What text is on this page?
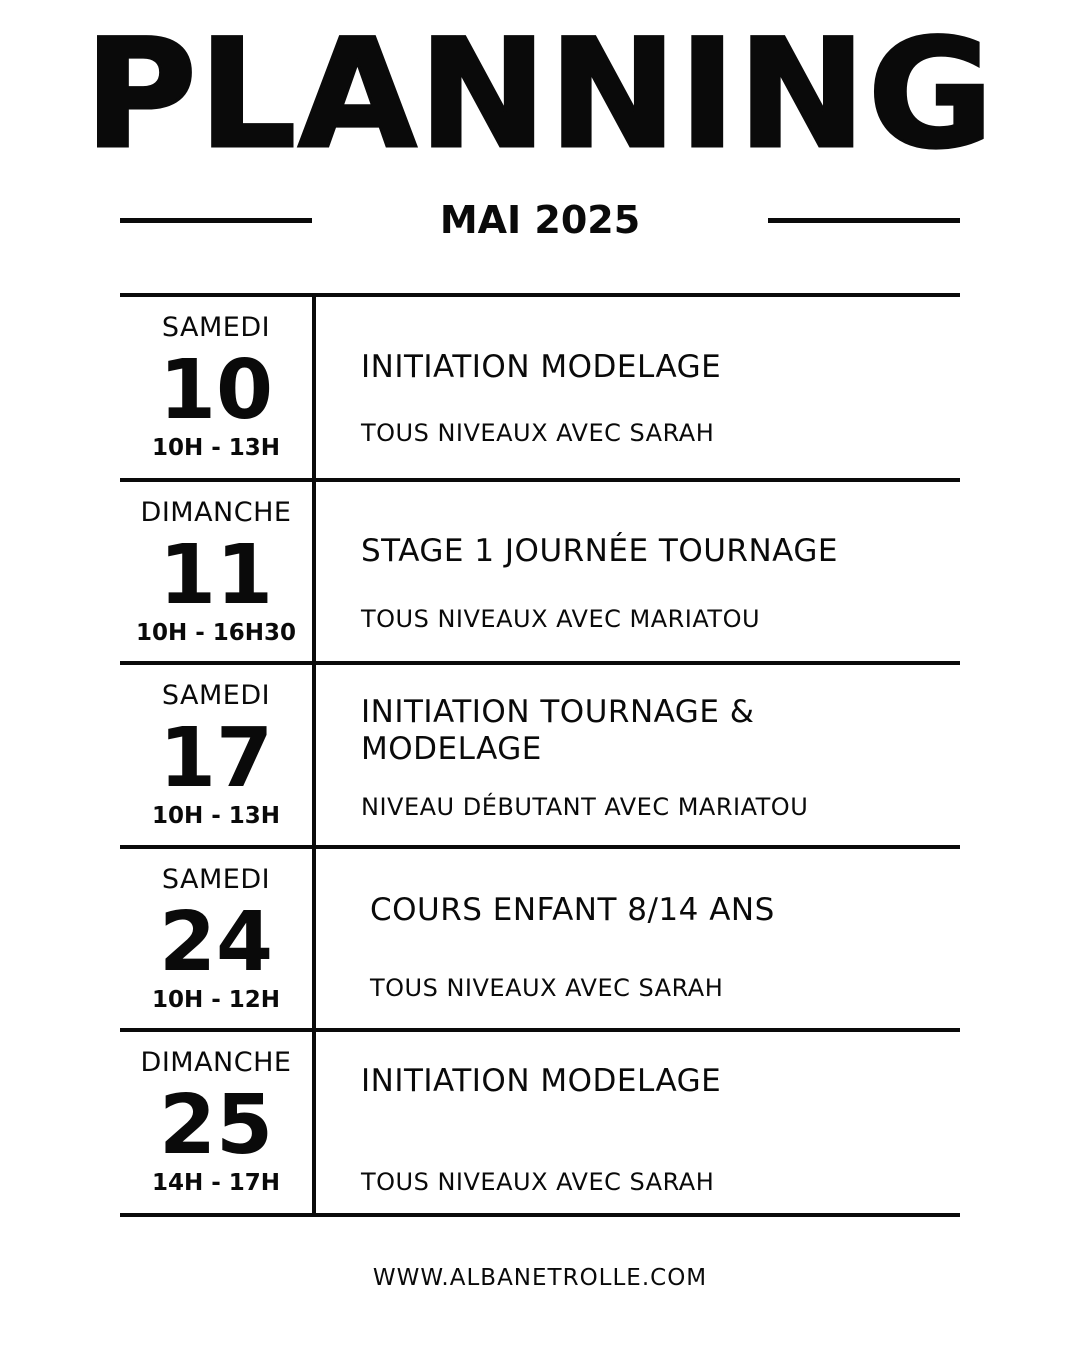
PLANNING
MAI 2025
SAMEDI
10
10H - 13H
INITIATION MODELAGE
TOUS NIVEAUX AVEC SARAH
DIMANCHE
11
10H - 16H30
STAGE 1 JOURNÉE TOURNAGE
TOUS NIVEAUX AVEC MARIATOU
SAMEDI
17
10H - 13H
INITIATION TOURNAGE & MODELAGE
NIVEAU DÉBUTANT AVEC MARIATOU
SAMEDI
24
10H - 12H
COURS ENFANT 8/14 ANS
TOUS NIVEAUX AVEC SARAH
DIMANCHE
25
14H - 17H
INITIATION MODELAGE
TOUS NIVEAUX AVEC SARAH
WWW.ALBANETROLLE.COM
